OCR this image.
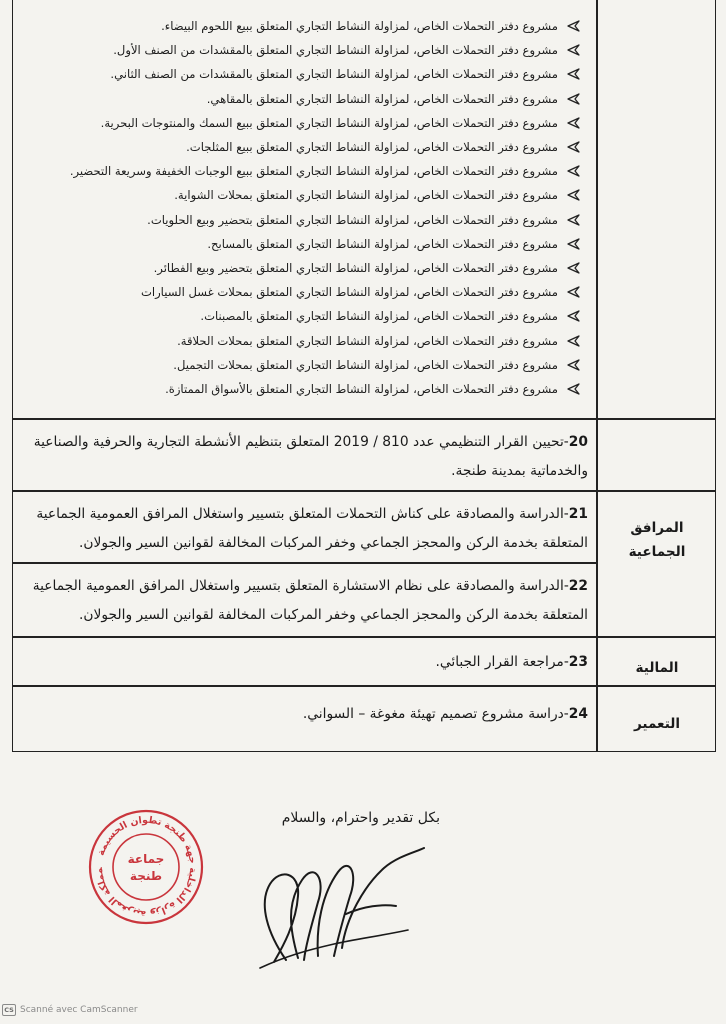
مشروع دفتر التحملات الخاص، لمزاولة النشاط التجاري المتعلق ببيع اللحوم البيضاء.
مشروع دفتر التحملات الخاص، لمزاولة النشاط التجاري المتعلق بالمقشدات من الصنف الأول.
مشروع دفتر التحملات الخاص، لمزاولة النشاط التجاري المتعلق بالمقشدات من الصنف الثاني.
مشروع دفتر التحملات الخاص، لمزاولة النشاط التجاري المتعلق بالمقاهي.
مشروع دفتر التحملات الخاص، لمزاولة النشاط التجاري المتعلق ببيع السمك والمنتوجات البحرية.
مشروع دفتر التحملات الخاص، لمزاولة النشاط التجاري المتعلق ببيع المثلجات.
مشروع دفتر التحملات الخاص، لمزاولة النشاط التجاري المتعلق ببيع الوجبات الخفيفة وسريعة التحضير.
مشروع دفتر التحملات الخاص، لمزاولة النشاط التجاري المتعلق بمحلات الشواية.
مشروع دفتر التحملات الخاص، لمزاولة النشاط التجاري المتعلق بتحضير وبيع الحلويات.
مشروع دفتر التحملات الخاص، لمزاولة النشاط التجاري المتعلق بالمسابح.
مشروع دفتر التحملات الخاص، لمزاولة النشاط التجاري المتعلق بتحضير وبيع الفطائر.
مشروع دفتر التحملات الخاص، لمزاولة النشاط التجاري المتعلق بمحلات غسل السيارات
مشروع دفتر التحملات الخاص، لمزاولة النشاط التجاري المتعلق بالمصبنات.
مشروع دفتر التحملات الخاص، لمزاولة النشاط التجاري المتعلق بمحلات الحلاقة.
مشروع دفتر التحملات الخاص، لمزاولة النشاط التجاري المتعلق بمحلات التجميل.
مشروع دفتر التحملات الخاص، لمزاولة النشاط التجاري المتعلق بالأسواق الممتازة.
20-تحيين القرار التنظيمي عدد 810 / 2019 المتعلق بتنظيم الأنشطة التجارية والحرفية والصناعية والخدماتية بمدينة طنجة.
21-الدراسة والمصادقة على كناش التحملات المتعلق بتسيير واستغلال المرافق العمومية الجماعية المتعلقة بخدمة الركن والمحجز الجماعي وخفر المركبات المخالفة لقوانين السير والجولان.
22-الدراسة والمصادقة على نظام الاستشارة المتعلق بتسيير واستغلال المرافق العمومية الجماعية المتعلقة بخدمة الركن والمحجز الجماعي وخفر المركبات المخالفة لقوانين السير والجولان.
23-مراجعة القرار الجبائي.
24-دراسة مشروع تصميم تهيئة مغوغة – السواني.
المرافق الجماعية
المالية
التعمير
بكل تقدير واحترام، والسلام
مملكة المغربية وزارة الداخلية جهة طنجة تطوان الحسيمة
جماعة
طنجة
CS Scanné avec CamScanner
